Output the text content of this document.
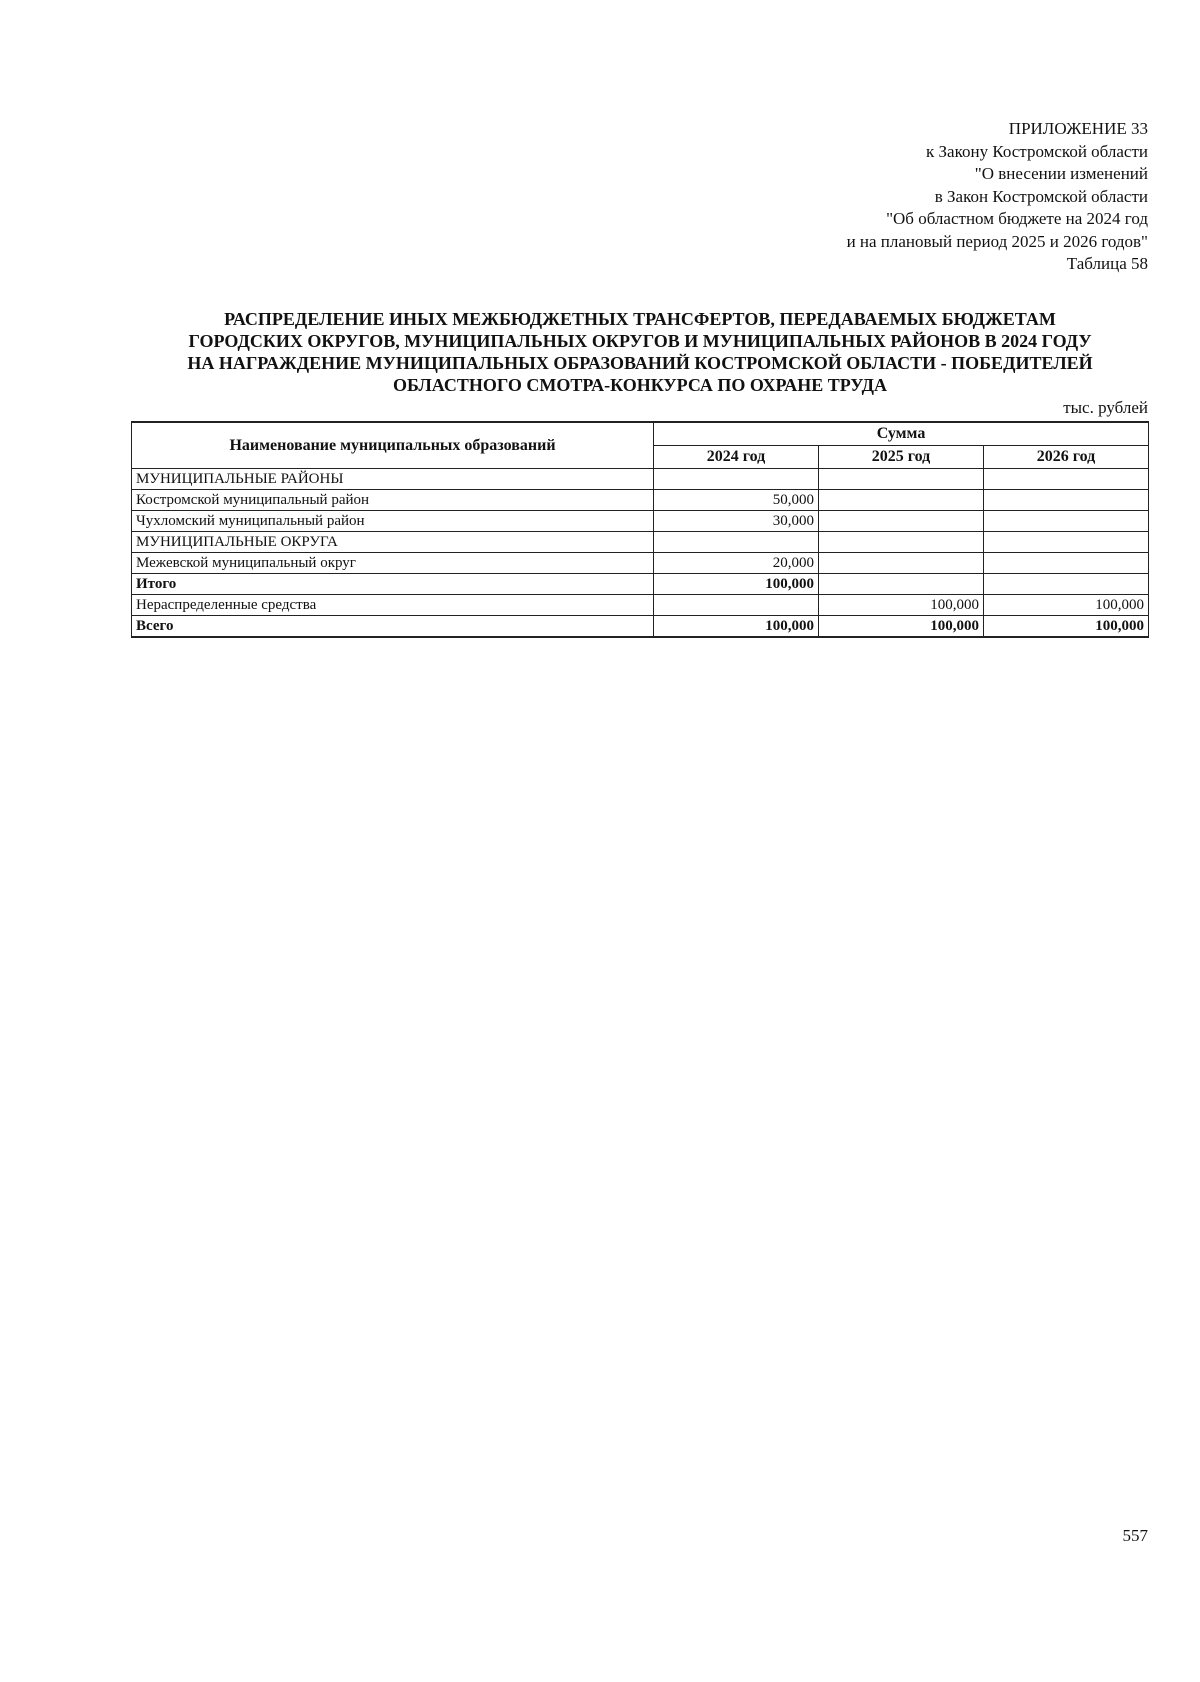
ПРИЛОЖЕНИЕ 33
к Закону Костромской области
"О внесении изменений
в Закон Костромской области
"Об областном бюджете на 2024 год
и на плановый период 2025 и 2026 годов"
Таблица 58
РАСПРЕДЕЛЕНИЕ ИНЫХ МЕЖБЮДЖЕТНЫХ ТРАНСФЕРТОВ, ПЕРЕДАВАЕМЫХ БЮДЖЕТАМ
ГОРОДСКИХ ОКРУГОВ, МУНИЦИПАЛЬНЫХ ОКРУГОВ И МУНИЦИПАЛЬНЫХ РАЙОНОВ В 2024 ГОДУ
НА НАГРАЖДЕНИЕ МУНИЦИПАЛЬНЫХ ОБРАЗОВАНИЙ КОСТРОМСКОЙ ОБЛАСТИ - ПОБЕДИТЕЛЕЙ
ОБЛАСТНОГО СМОТРА-КОНКУРСА ПО ОХРАНЕ ТРУДА
тыс. рублей
Наименование муниципальных образований	Сумма		
	2024 год	2025 год	2026 год
МУНИЦИПАЛЬНЫЕ РАЙОНЫ			
Костромской муниципальный район	50,000		
Чухломский муниципальный район	30,000		
МУНИЦИПАЛЬНЫЕ ОКРУГА			
Межевской муниципальный округ	20,000		
Итого	100,000		
Нераспределенные средства		100,000	100,000
Всего	100,000	100,000	100,000
557
